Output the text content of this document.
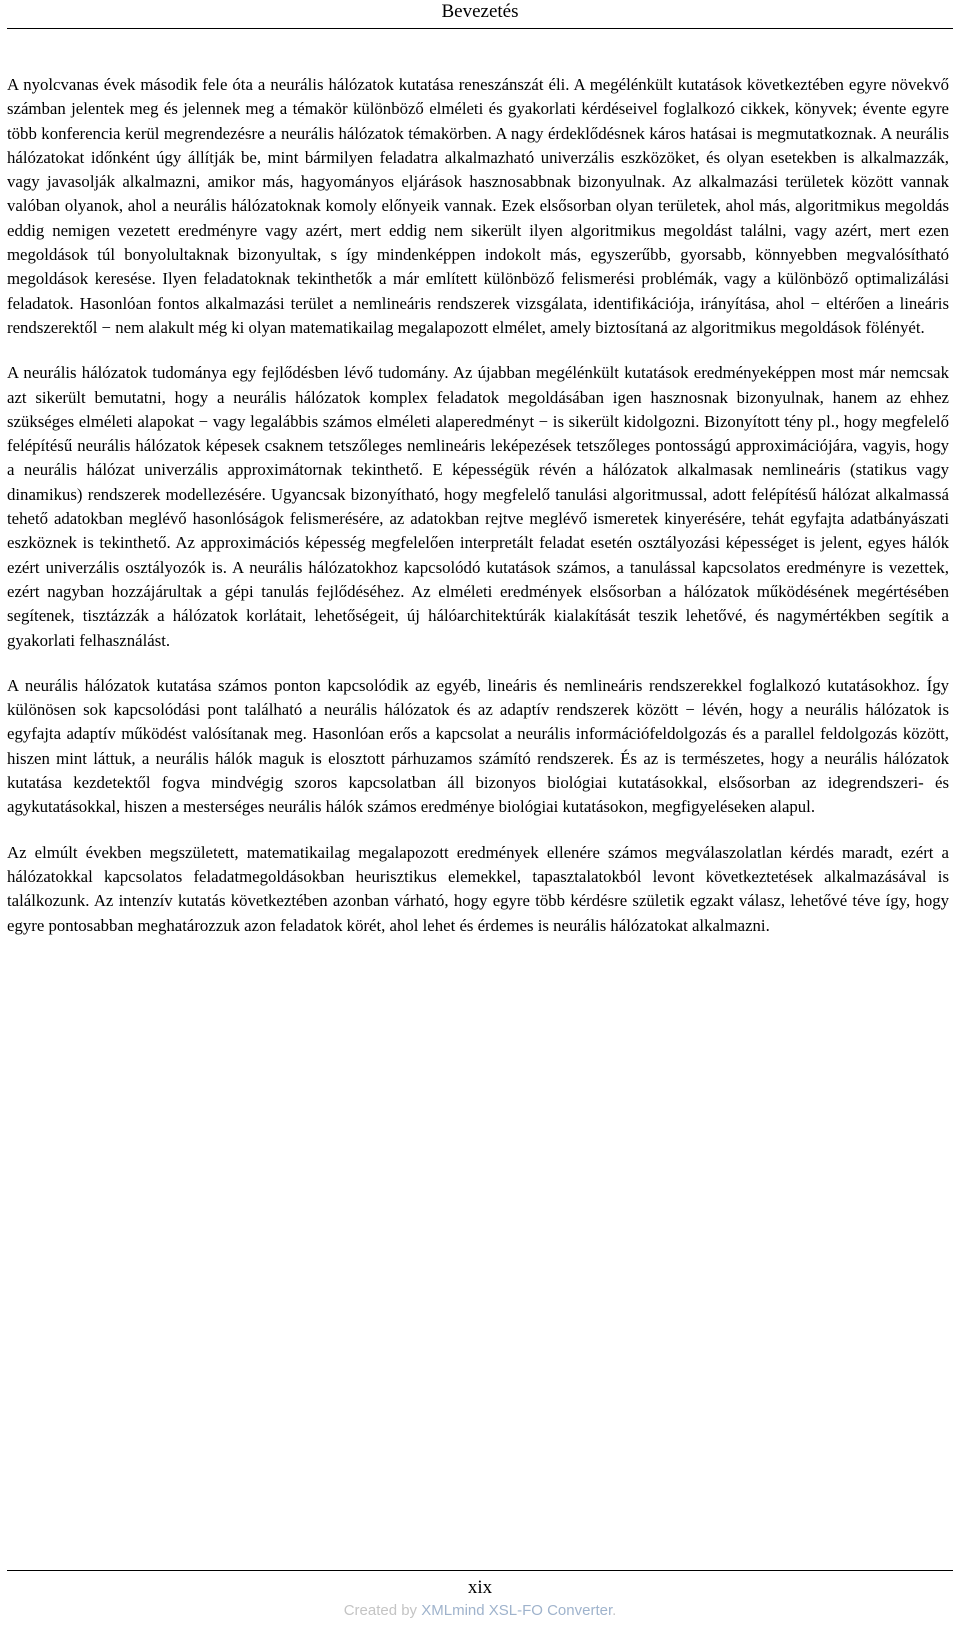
Bevezetés

A nyolcvanas évek második fele óta a neurális hálózatok kutatása reneszánszát éli. A megélénkült kutatások következtében egyre növekvő számban jelentek meg és jelennek meg a témakör különböző elméleti és gyakorlati kérdéseivel foglalkozó cikkek, könyvek; évente egyre több konferencia kerül megrendezésre a neurális hálózatok témakörben. A nagy érdeklődésnek káros hatásai is megmutatkoznak. A neurális hálózatokat időnként úgy állítják be, mint bármilyen feladatra alkalmazható univerzális eszközöket, és olyan esetekben is alkalmazzák, vagy javasolják alkalmazni, amikor más, hagyományos eljárások hasznosabbnak bizonyulnak. Az alkalmazási területek között vannak valóban olyanok, ahol a neurális hálózatoknak komoly előnyeik vannak. Ezek elsősorban olyan területek, ahol más, algoritmikus megoldás eddig nemigen vezetett eredményre vagy azért, mert eddig nem sikerült ilyen algoritmikus megoldást találni, vagy azért, mert ezen megoldások túl bonyolultaknak bizonyultak, s így mindenképpen indokolt más, egyszerűbb, gyorsabb, könnyebben megvalósítható megoldások keresése. Ilyen feladatoknak tekinthetők a már említett különböző felismerési problémák, vagy a különböző optimalizálási feladatok. Hasonlóan fontos alkalmazási terület a nemlineáris rendszerek vizsgálata, identifikációja, irányítása, ahol − eltérően a lineáris rendszerektől − nem alakult még ki olyan matematikailag megalapozott elmélet, amely biztosítaná az algoritmikus megoldások fölényét.

A neurális hálózatok tudománya egy fejlődésben lévő tudomány. Az újabban megélénkült kutatások eredményeképpen most már nemcsak azt sikerült bemutatni, hogy a neurális hálózatok komplex feladatok megoldásában igen hasznosnak bizonyulnak, hanem az ehhez szükséges elméleti alapokat − vagy legalábbis számos elméleti alaperedményt − is sikerült kidolgozni. Bizonyított tény pl., hogy megfelelő felépítésű neurális hálózatok képesek csaknem tetszőleges nemlineáris leképezések tetszőleges pontosságú approximációjára, vagyis, hogy a neurális hálózat univerzális approximátornak tekinthető. E képességük révén a hálózatok alkalmasak nemlineáris (statikus vagy dinamikus) rendszerek modellezésére. Ugyancsak bizonyítható, hogy megfelelő tanulási algoritmussal, adott felépítésű hálózat alkalmassá tehető adatokban meglévő hasonlóságok felismerésére, az adatokban rejtve meglévő ismeretek kinyerésére, tehát egyfajta adatbányászati eszköznek is tekinthető. Az approximációs képesség megfelelően interpretált feladat esetén osztályozási képességet is jelent, egyes hálók ezért univerzális osztályozók is. A neurális hálózatokhoz kapcsolódó kutatások számos, a tanulással kapcsolatos eredményre is vezettek, ezért nagyban hozzájárultak a gépi tanulás fejlődéséhez. Az elméleti eredmények elsősorban a hálózatok működésének megértésében segítenek, tisztázzák a hálózatok korlátait, lehetőségeit, új hálóarchitektúrák kialakítását teszik lehetővé, és nagymértékben segítik a gyakorlati felhasználást.

A neurális hálózatok kutatása számos ponton kapcsolódik az egyéb, lineáris és nemlineáris rendszerekkel foglalkozó kutatásokhoz. Így különösen sok kapcsolódási pont található a neurális hálózatok és az adaptív rendszerek között − lévén, hogy a neurális hálózatok is egyfajta adaptív működést valósítanak meg. Hasonlóan erős a kapcsolat a neurális információfeldolgozás és a parallel feldolgozás között, hiszen mint láttuk, a neurális hálók maguk is elosztott párhuzamos számító rendszerek. És az is természetes, hogy a neurális hálózatok kutatása kezdetektől fogva mindvégig szoros kapcsolatban áll bizonyos biológiai kutatásokkal, elsősorban az idegrendszeri- és agykutatásokkal, hiszen a mesterséges neurális hálók számos eredménye biológiai kutatásokon, megfigyeléseken alapul.

Az elmúlt években megszületett, matematikailag megalapozott eredmények ellenére számos megválaszolatlan kérdés maradt, ezért a hálózatokkal kapcsolatos feladatmegoldásokban heurisztikus elemekkel, tapasztalatokból levont következtetések alkalmazásával is találkozunk. Az intenzív kutatás következtében azonban várható, hogy egyre több kérdésre születik egzakt válasz, lehetővé téve így, hogy egyre pontosabban meghatározzuk azon feladatok körét, ahol lehet és érdemes is neurális hálózatokat alkalmazni.

xix
Created by XMLmind XSL-FO Converter.
